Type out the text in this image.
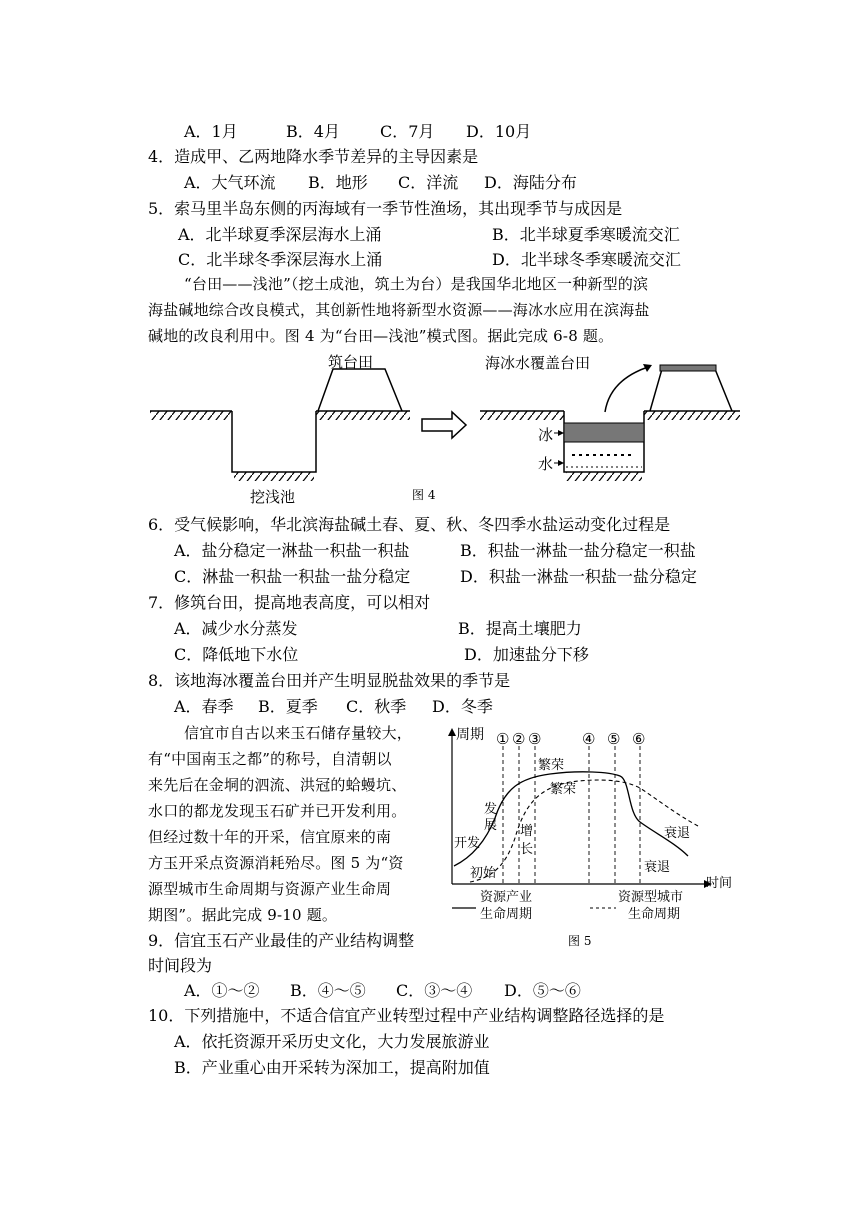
A．1月	B．4月	C．7月 D．10月
4．造成甲、乙两地降水季节差异的主导因素是
A．大气环流 B．地形 C．洋流 D．海陆分布
5．索马里半岛东侧的丙海域有一季节性渔场，其出现季节与成因是
A．北半球夏季深层海水上涌	B．北半球夏季寒暖流交汇
C．北半球冬季深层海水上涌	D．北半球冬季寒暖流交汇
“台田——浅池”（挖土成池，筑土为台）是我国华北地区一种新型的滨
海盐碱地综合改良模式，其创新性地将新型水资源——海冰水应用在滨海盐
碱地的改良利用中。图 4 为“台田—浅池”模式图。据此完成 6-8 题。
筑台田	海冰水覆盖台田
冰
水
挖浅池	图 4
6．受气候影响，华北滨海盐碱土春、夏、秋、冬四季水盐运动变化过程是
A．盐分稳定一淋盐一积盐一积盐	B．积盐一淋盐一盐分稳定一积盐
C．淋盐一积盐一积盐一盐分稳定	D．积盐一淋盐一积盐一盐分稳定
7．修筑台田，提高地表高度，可以相对
A．减少水分蒸发	B．提高土壤肥力
C．降低地下水位	D．加速盐分下移
8．该地海冰覆盖台田并产生明显脱盐效果的季节是
A．春季 B．夏季 C．秋季 D．冬季
信宜市自古以来玉石储存量较大，
有“中国南玉之都”的称号，自清朝以
来先后在金垌的泗流、洪冠的蛤蟃坑、
水口的都龙发现玉石矿并已开发利用。
但经过数十年的开采，信宜原来的南
方玉开采点资源消耗殆尽。图 5 为“资
源型城市生命周期与资源产业生命周
期图”。据此完成 9-10 题。
周期 ① ② ③	④ ⑤ ⑥
繁荣
繁荣
发
展 增
长
开发
衰退
衰退
初始
时间
资源产业
生命周期
资源型城市
生命周期
图 5
9．信宜玉石产业最佳的产业结构调整
时间段为
A．①～② B．④～⑤ C．③～④ D．⑤～⑥
10．下列措施中，不适合信宜产业转型过程中产业结构调整路径选择的是
A．依托资源开采历史文化，大力发展旅游业
B．产业重心由开采转为深加工，提高附加值
